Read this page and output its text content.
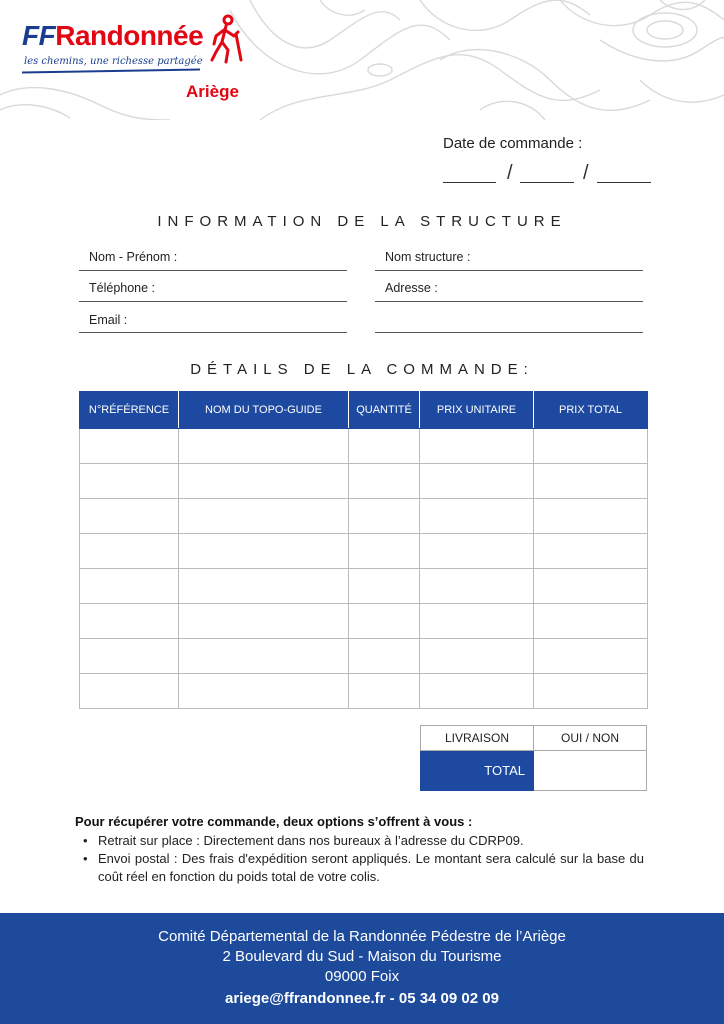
FFRandonnée
les chemins, une richesse partagée
Ariège
Date de commande :
/	/
INFORMATION DE LA STRUCTURE
Nom - Prénom :	Nom structure :
Téléphone :	Adresse :
Email :
DÉTAILS DE LA COMMANDE:
N°RÉFÉRENCE	NOM DU TOPO-GUIDE	QUANTITÉ	PRIX UNITAIRE	PRIX TOTAL

LIVRAISON	OUI / NON
TOTAL	
Pour récupérer votre commande, deux options s’offrent à vous :
• Retrait sur place : Directement dans nos bureaux à l’adresse du CDRP09.
• Envoi postal : Des frais d'expédition seront appliqués. Le montant sera calculé sur la base du coût réel en fonction du poids total de votre colis.
Comité Départemental de la Randonnée Pédestre de l’Ariège
2 Boulevard du Sud - Maison du Tourisme
09000 Foix
ariege@ffrandonnee.fr - 05 34 09 02 09
